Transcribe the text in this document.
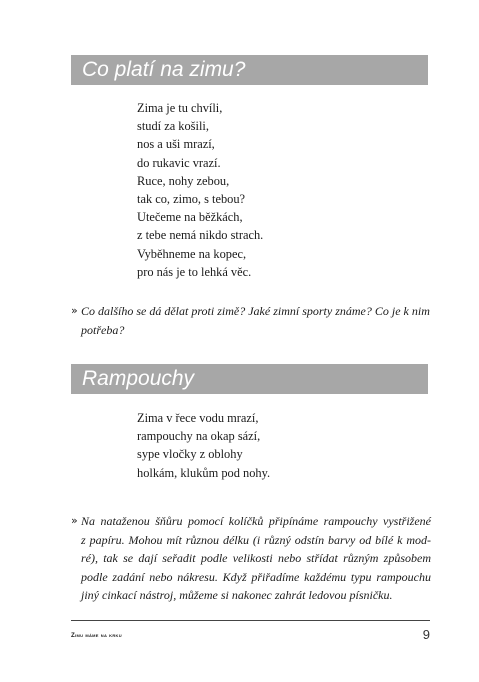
Co platí na zimu?
Zima je tu chvíli,
studí za košili,
nos a uši mrazí,
do rukavic vrazí.
Ruce, nohy zebou,
tak co, zimo, s tebou?
Utečeme na běžkách,
z tebe nemá nikdo strach.
Vyběhneme na kopec,
pro nás je to lehká věc.
» Co dalšího se dá dělat proti zimě? Jaké zimní sporty známe? Co je k nim
potřeba?
Rampouchy
Zima v řece vodu mrazí,
rampouchy na okap sází,
sype vločky z oblohy
holkám, klukům pod nohy.
» Na nataženou šňůru pomocí kolíčků připínáme rampouchy vystřižené
z papíru. Mohou mít různou délku (i různý odstín barvy od bílé k mod-
ré), tak se dají seřadit podle velikosti nebo střídat různým způsobem
podle zadání nebo nákresu. Když přiřadíme každému typu rampouchu
jiný cinkací nástroj, můžeme si nakonec zahrát ledovou písničku.
Zimu máme na krku	9
